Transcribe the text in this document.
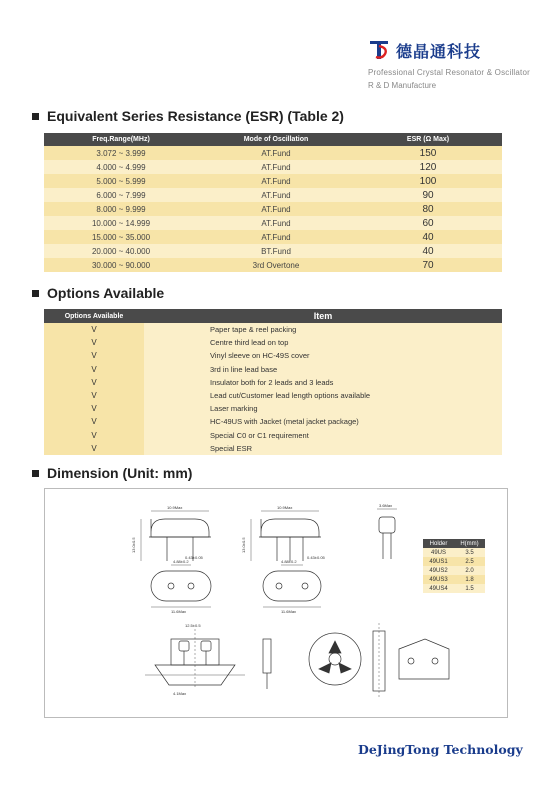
德晶通科技
Professional Crystal Resonator & Oscillator
R & D Manufacture
Equivalent Series Resistance (ESR) (Table 2)
Freq.Range(MHz)	Mode of Oscillation	ESR (Ω Max)
3.072 ~ 3.999	AT.Fund	150
4.000 ~ 4.999	AT.Fund	120
5.000 ~ 5.999	AT.Fund	100
6.000 ~ 7.999	AT.Fund	90
8.000 ~ 9.999	AT.Fund	80
10.000 ~ 14.999	AT.Fund	60
15.000 ~ 35.000	AT.Fund	40
20.000 ~ 40.000	BT.Fund	40
30.000 ~ 90.000	3rd Overtone	70
Options Available
Options Available	Item
V	Paper tape & reel packing
V	Centre third lead on top
V	Vinyl sleeve on HC-49S cover
V	3rd in line lead base
V	Insulator both for 2 leads and 3 leads
V	Lead cut/Customer lead length options available
V	Laser marking
V	HC-49US with Jacket (metal jacket package)
V	Special C0 or C1 requirement
V	Special ESR
Dimension (Unit: mm)
10.9Max	10.9Max	3.6Max
0.43±0.05	0.43±0.05
11.6Max	11.6Max
4.88±0.2	4.88±0.2
13.0±0.5	13.0±0.5
12.5±0.5
4.1Max
Holder	H(mm)
49US	3.5
49US1	2.5
49US2	2.0
49US3	1.8
49US4	1.5
DeJingTong Technology
